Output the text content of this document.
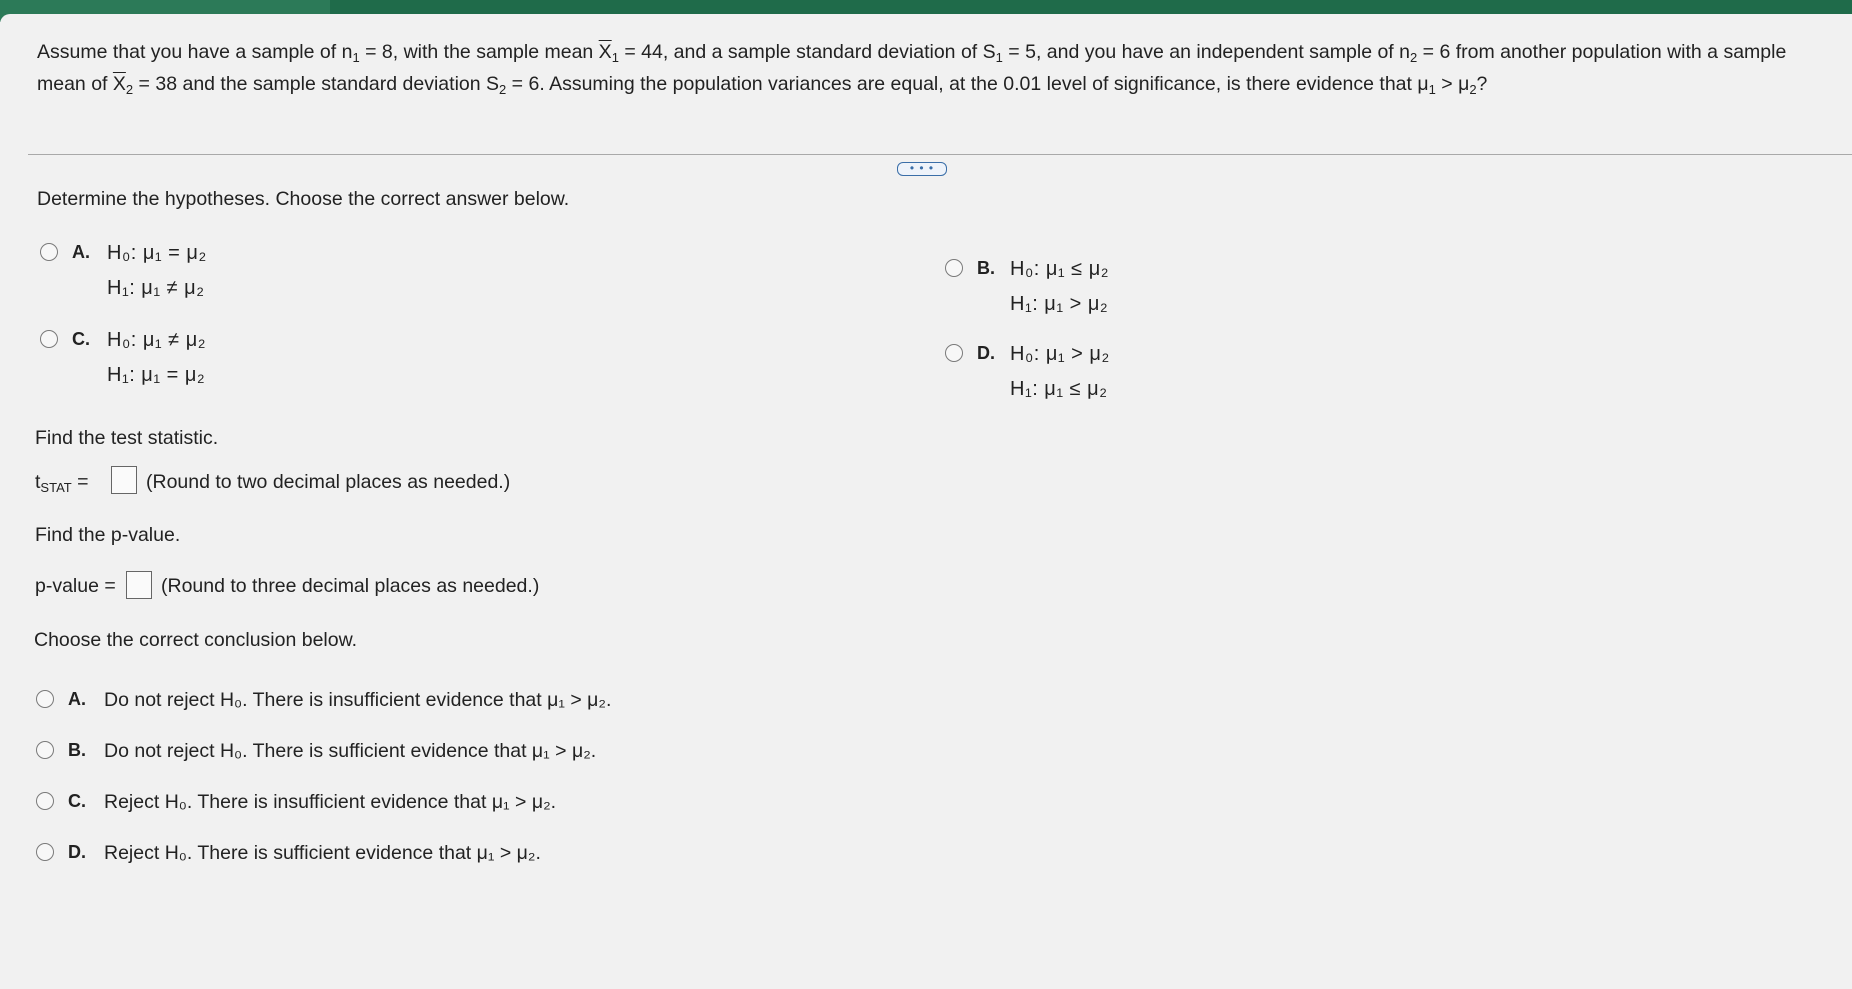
Assume that you have a sample of $n_1 = 8$, with the sample mean $\overline{X}_1 = 44$, and a sample standard deviation of $S_1 = 5$, and you have an independent sample of $n_2 = 6$ from another population with a sample mean of $\overline{X}_2 = 38$ and the sample standard deviation $S_2 = 6$. Assuming the population variances are equal, at the 0.01 level of significance, is there evidence that $\mu_1 > \mu_2$?
• • •
Determine the hypotheses. Choose the correct answer below.
A. H₀: μ₁ = μ₂
H₁: μ₁ ≠ μ₂
C. H₀: μ₁ ≠ μ₂
H₁: μ₁ = μ₂
B. H₀: μ₁ ≤ μ₂
H₁: μ₁ > μ₂
D. H₀: μ₁ > μ₂
H₁: μ₁ ≤ μ₂
Find the test statistic.
$t_{STAT}$ =	(Round to two decimal places as needed.)
Find the p-value.
p-value = (Round to three decimal places as needed.)
Choose the correct conclusion below.
A. Do not reject H₀. There is insufficient evidence that μ₁ > μ₂.
B. Do not reject H₀. There is sufficient evidence that μ₁ > μ₂.
C. Reject H₀. There is insufficient evidence that μ₁ > μ₂.
D. Reject H₀. There is sufficient evidence that μ₁ > μ₂.
